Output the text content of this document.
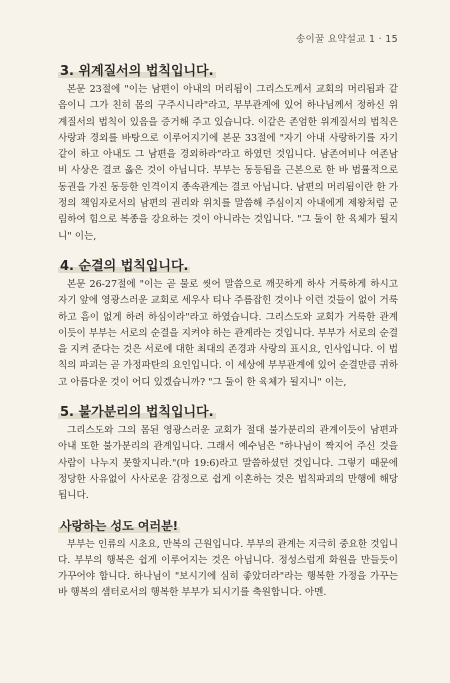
송이꿀 요약설교 1 · 15
3. 위계질서의 법칙입니다.

본문 23절에 "이는 남편이 아내의 머리됨이 그리스도께서 교회의 머리됨과 같음이니 그가 친히 몸의 구주시니라"라고, 부부관계에 있어 하나님께서 정하신 위계질서의 법칙이 있음을 증거해 주고 있습니다. 이같은 존엄한 위계질서의 법칙은 사랑과 경외를 바탕으로 이루어지기에 본문 33절에 "자기 아내 사랑하기를 자기 같이 하고 아내도 그 남편을 경외하라"라고 하였던 것입니다. 남존여비나 여존남비 사상은 결코 옳은 것이 아닙니다. 부부는 동등됨을 근본으로 한 바 법률적으로 동권을 가진 동등한 인격이지 종속관계는 결코 아닙니다. 남편의 머리됨이란 한 가정의 책임자로서의 남편의 권리와 위치를 말씀해 주심이지 아내에게 제왕처럼 군림하여 힘으로 복종을 강요하는 것이 아니라는 것입니다. "그 둘이 한 육체가 될지니" 이는,

4. 순결의 법칙입니다.

본문 26-27절에 "이는 곧 물로 씻어 말씀으로 깨끗하게 하사 거룩하게 하시고 자기 앞에 영광스러운 교회로 세우사 티나 주름잡힌 것이나 이런 것들이 없이 거룩하고 흠이 없게 하려 하심이라"라고 하였습니다. 그리스도와 교회가 거룩한 관계이듯이 부부는 서로의 순결을 지켜야 하는 관계라는 것입니다. 부부가 서로의 순결을 지켜 준다는 것은 서로에 대한 최대의 존경과 사랑의 표시요, 인사입니다. 이 법칙의 파괴는 곧 가정파탄의 요인입니다. 이 세상에 부부관계에 있어 순결만큼 귀하고 아름다운 것이 어디 있겠습니까? "그 둘이 한 육체가 될지니" 이는,

5. 불가분리의 법칙입니다.

그리스도와 그의 몸된 영광스러운 교회가 절대 불가분리의 관계이듯이 남편과 아내 또한 불가분리의 관계입니다. 그래서 예수님은 "하나님이 짝지어 주신 것을 사람이 나누지 못할지니라."(마 19:6)라고 말씀하셨던 것입니다. 그렇기 때문에 정당한 사유없이 사사로운 감정으로 쉽게 이혼하는 것은 법칙파괴의 만행에 해당됩니다.

사랑하는 성도 여러분!

부부는 인류의 시초요, 만복의 근원입니다. 부부의 관계는 지극히 중요한 것입니다. 부부의 행복은 쉽게 이루어지는 것은 아닙니다. 정성스럽게 화원을 만들듯이 가꾸어야 합니다. 하나님이 "보시기에 심히 좋았더라"라는 행복한 가정을 가꾸는바 행복의 샘터로서의 행복한 부부가 되시기를 축원합니다. 아멘.
